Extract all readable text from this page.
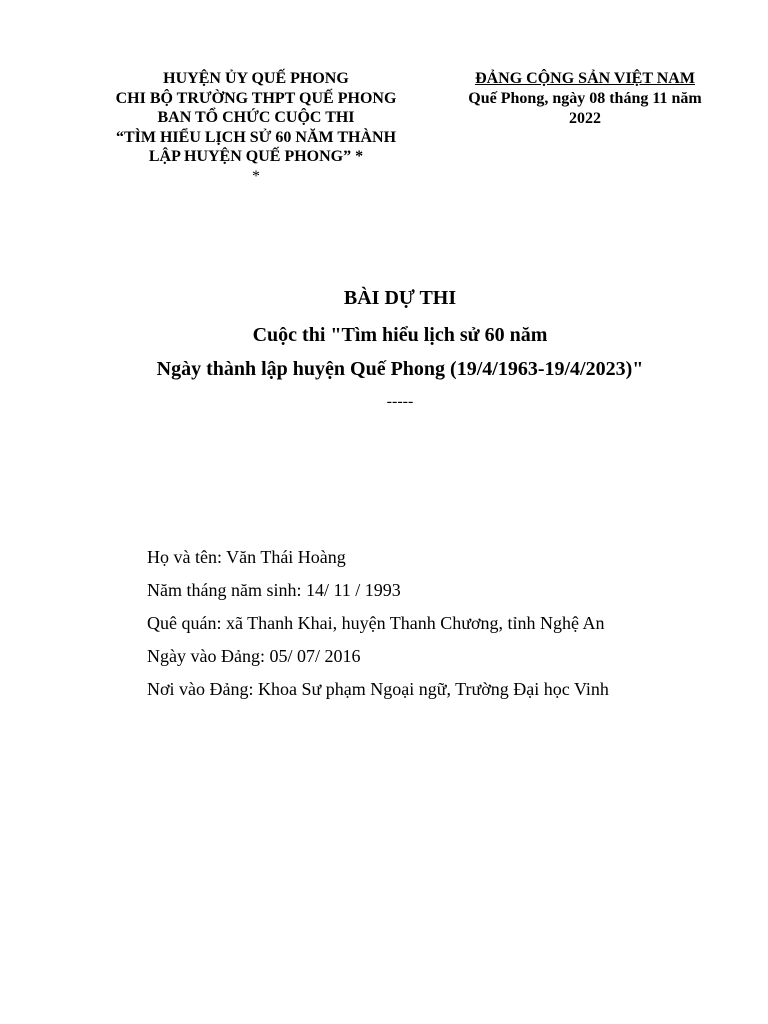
HUYỆN ỦY QUẾ PHONG
CHI BỘ TRƯỜNG THPT QUẾ PHONG
BAN TỔ CHỨC CUỘC THI
“TÌM HIỂU LỊCH SỬ 60 NĂM THÀNH
LẬP HUYỆN QUẾ PHONG” *
*
ĐẢNG CỘNG SẢN VIỆT NAM
Quế Phong, ngày 08 tháng 11 năm
2022
BÀI DỰ THI
Cuộc thi "Tìm hiểu lịch sử 60 năm
Ngày thành lập huyện Quế Phong (19/4/1963-19/4/2023)"
-----
Họ và tên: Văn Thái Hoàng
Năm tháng năm sinh: 14/ 11 / 1993
Quê quán: xã Thanh Khai, huyện Thanh Chương, tỉnh Nghệ An
Ngày vào Đảng: 05/ 07/ 2016
Nơi vào Đảng: Khoa Sư phạm Ngoại ngữ, Trường Đại học Vinh
